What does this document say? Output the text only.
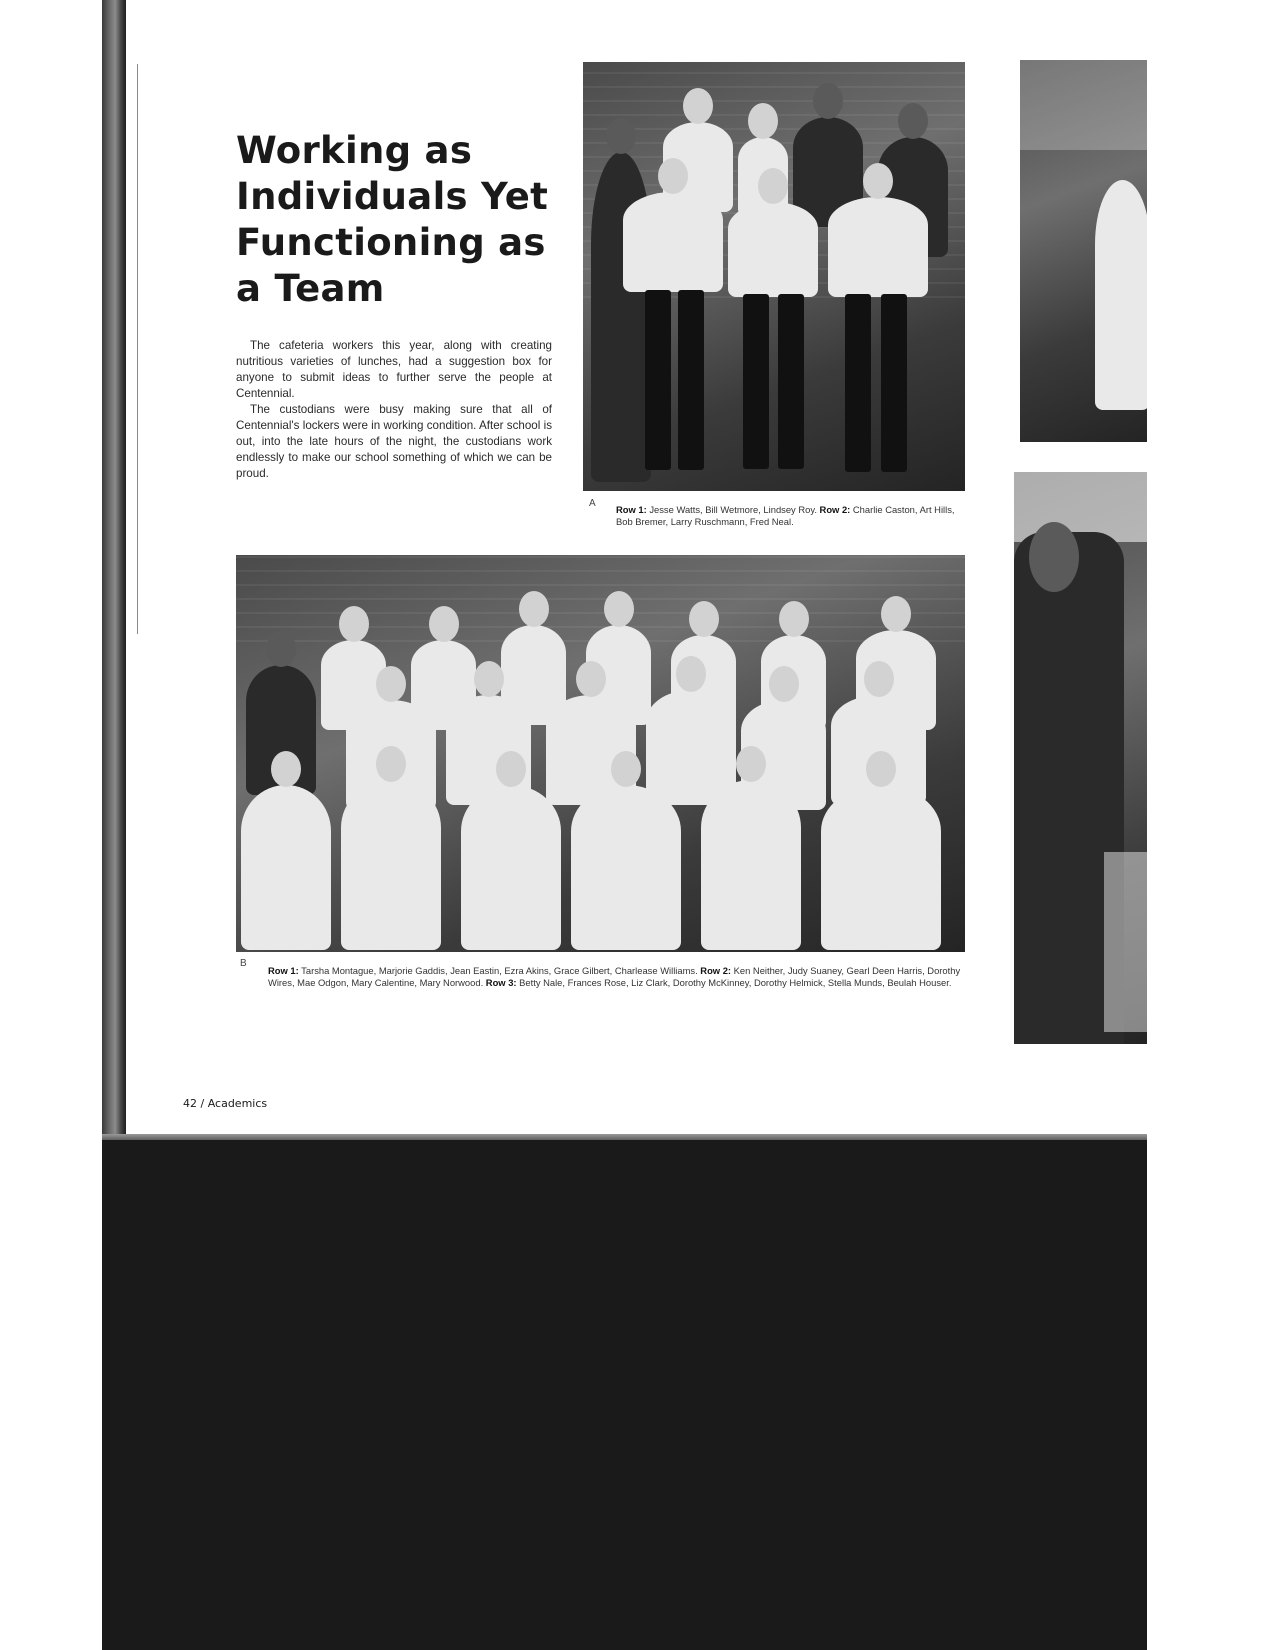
Working as Individuals Yet Functioning as a Team

The cafeteria workers this year, along with creating nutritious varieties of lunches, had a suggestion box for anyone to submit ideas to further serve the people at Centennial.

The custodians were busy making sure that all of Centennial's lockers were in working condition. After school is out, into the late hours of the night, the custodians work endlessly to make our school something of which we can be proud.

A
Row 1: Jesse Watts, Bill Wetmore, Lindsey Roy. Row 2: Charlie Caston, Art Hills, Bob Bremer, Larry Ruschmann, Fred Neal.
B
Row 1: Tarsha Montague, Marjorie Gaddis, Jean Eastin, Ezra Akins, Grace Gilbert, Charlease Williams. Row 2: Ken Neither, Judy Suaney, Gearl Deen Harris, Dorothy Wires, Mae Odgon, Mary Calentine, Mary Norwood. Row 3: Betty Nale, Frances Rose, Liz Clark, Dorothy McKinney, Dorothy Helmick, Stella Munds, Beulah Houser.
42 / Academics
